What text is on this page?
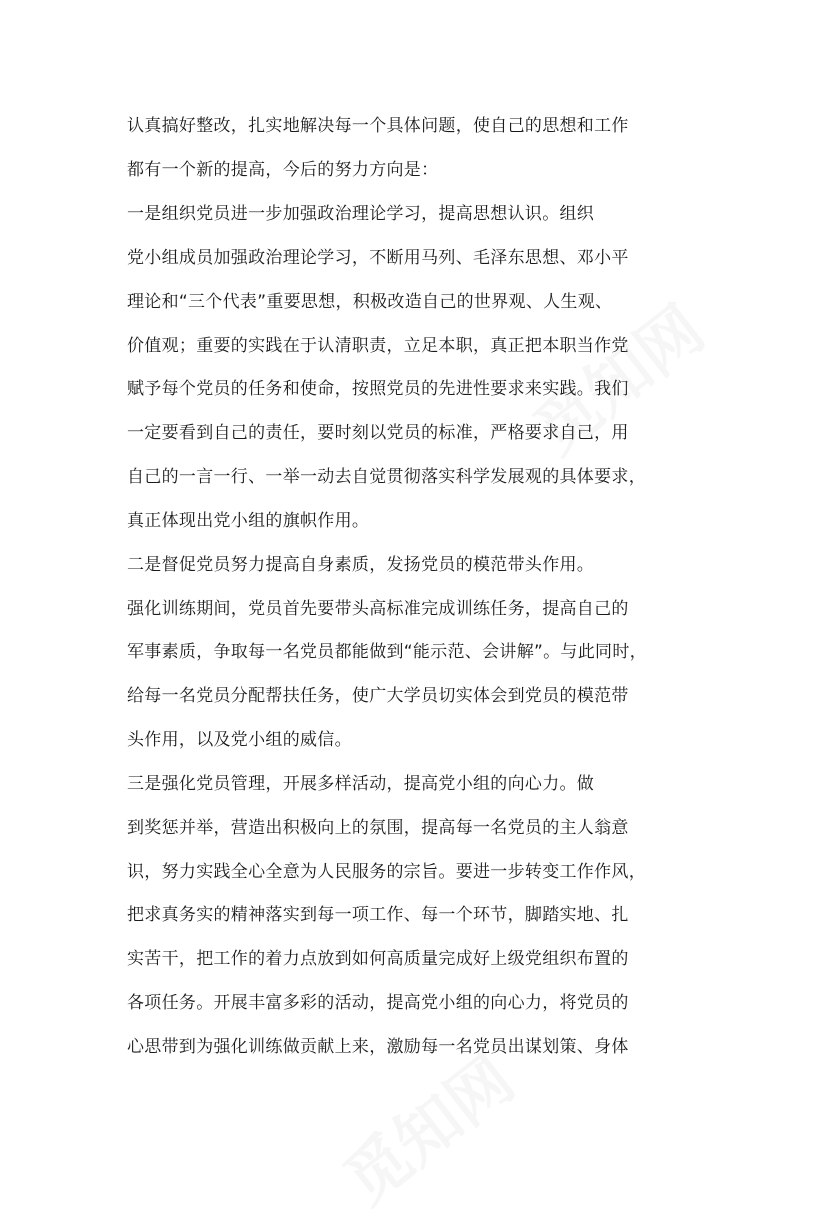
认真搞好整改，扎实地解决每一个具体问题，使自己的思想和工作
都有一个新的提高，今后的努力方向是：
一是组织党员进一步加强政治理论学习，提高思想认识。组织
党小组成员加强政治理论学习，不断用马列、毛泽东思想、邓小平
理论和“三个代表”重要思想，积极改造自己的世界观、人生观、
价值观；重要的实践在于认清职责，立足本职，真正把本职当作党
赋予每个党员的任务和使命，按照党员的先进性要求来实践。我们
一定要看到自己的责任，要时刻以党员的标准，严格要求自己，用
自己的一言一行、一举一动去自觉贯彻落实科学发展观的具体要求，
真正体现出党小组的旗帜作用。
二是督促党员努力提高自身素质，发扬党员的模范带头作用。
强化训练期间，党员首先要带头高标准完成训练任务，提高自己的
军事素质，争取每一名党员都能做到“能示范、会讲解”。与此同时，
给每一名党员分配帮扶任务，使广大学员切实体会到党员的模范带
头作用，以及党小组的威信。
三是强化党员管理，开展多样活动，提高党小组的向心力。做
到奖惩并举，营造出积极向上的氛围，提高每一名党员的主人翁意
识，努力实践全心全意为人民服务的宗旨。要进一步转变工作作风，
把求真务实的精神落实到每一项工作、每一个环节，脚踏实地、扎
实苦干，把工作的着力点放到如何高质量完成好上级党组织布置的
各项任务。开展丰富多彩的活动，提高党小组的向心力，将党员的
心思带到为强化训练做贡献上来，激励每一名党员出谋划策、身体
